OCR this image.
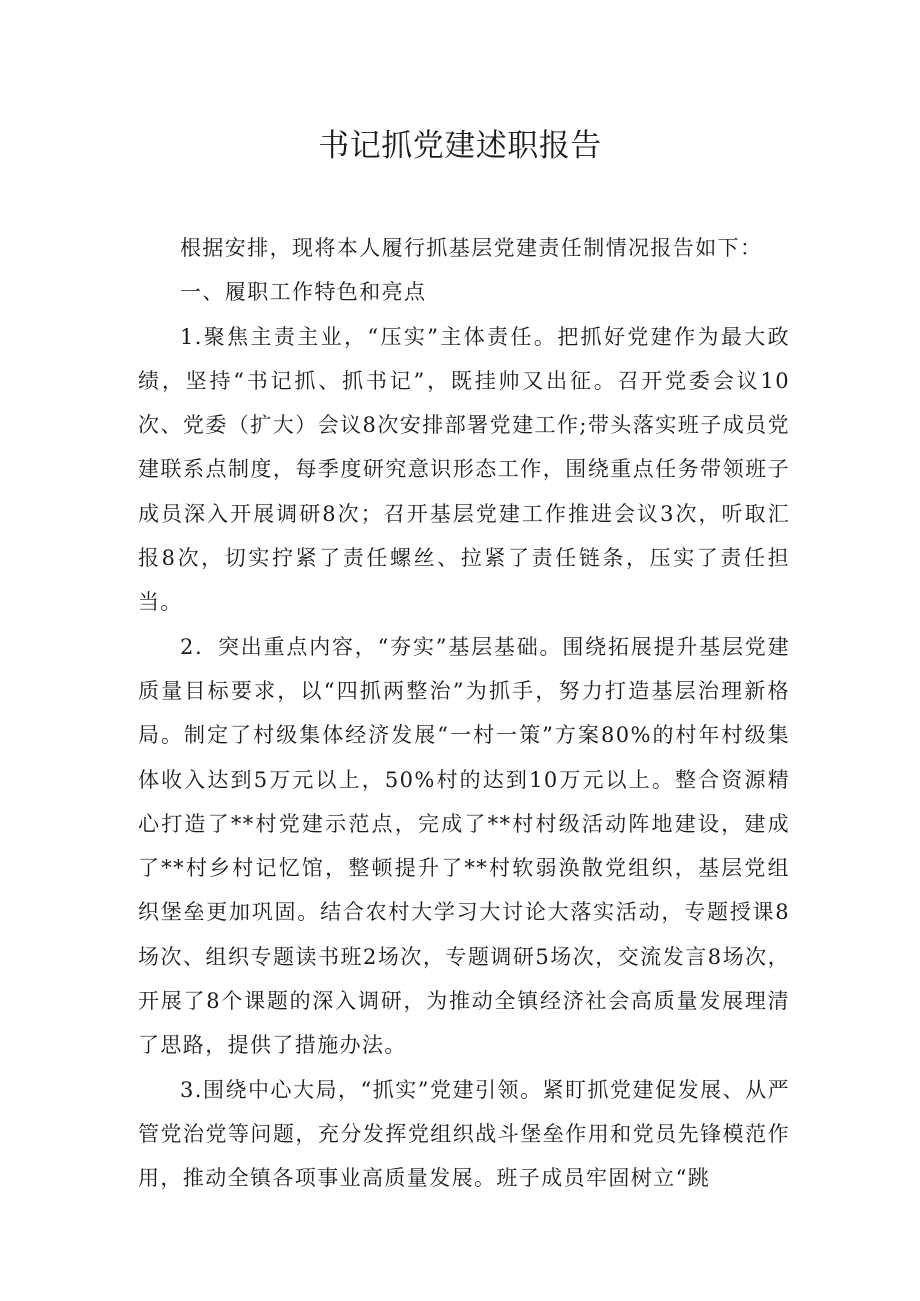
书记抓党建述职报告

根据安排，现将本人履行抓基层党建责任制情况报告如下：

一、履职工作特色和亮点

1.聚焦主责主业，“压实”主体责任。把抓好党建作为最大政绩，坚持“书记抓、抓书记”，既挂帅又出征。召开党委会议10次、党委（扩大）会议8次安排部署党建工作;带头落实班子成员党建联系点制度，每季度研究意识形态工作，围绕重点任务带领班子成员深入开展调研8次；召开基层党建工作推进会议3次，听取汇报8次，切实拧紧了责任螺丝、拉紧了责任链条，压实了责任担当。

2．突出重点内容，“夯实”基层基础。围绕拓展提升基层党建质量目标要求，以“四抓两整治”为抓手，努力打造基层治理新格局。制定了村级集体经济发展“一村一策”方案80%的村年村级集体收入达到5万元以上，50%村的达到10万元以上。整合资源精心打造了**村党建示范点，完成了**村村级活动阵地建设，建成了**村乡村记忆馆，整顿提升了**村软弱涣散党组织，基层党组织堡垒更加巩固。结合农村大学习大讨论大落实活动，专题授课8场次、组织专题读书班2场次，专题调研5场次，交流发言8场次，开展了8个课题的深入调研，为推动全镇经济社会高质量发展理清了思路，提供了措施办法。

3.围绕中心大局，“抓实”党建引领。紧盯抓党建促发展、从严管党治党等问题，充分发挥党组织战斗堡垒作用和党员先锋模范作用，推动全镇各项事业高质量发展。班子成员牢固树立“跳
